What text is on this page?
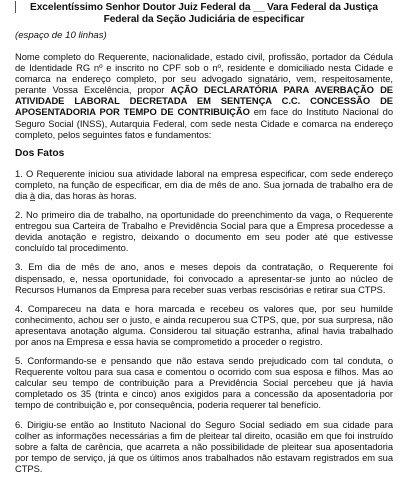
Excelentíssimo Senhor Doutor Juiz Federal da __ Vara Federal da Justiça Federal da Seção Judiciária de especificar
(espaço de 10 linhas)

Nome completo do Requerente, nacionalidade, estado civil, profissão, portador da Cédula de Identidade RG nº e inscrito no CPF sob o nº, residente e domiciliado nesta Cidade e comarca na endereço completo, por seu advogado signatário, vem, respeitosamente, perante Vossa Excelência, propor AÇÃO DECLARATÓRIA PARA AVERBAÇÃO DE ATIVIDADE LABORAL DECRETADA EM SENTENÇA C.C. CONCESSÃO DE APOSENTADORIA POR TEMPO DE CONTRIBUIÇÃO em face do Instituto Nacional do Seguro Social (INSS), Autarquia Federal, com sede nesta Cidade e comarca na endereço completo, pelos seguintes fatos e fundamentos:

Dos Fatos

1. O Requerente iniciou sua atividade laboral na empresa especificar, com sede endereço completo, na função de especificar, em dia de mês de ano. Sua jornada de trabalho era de dia à dia, das horas às horas.

2. No primeiro dia de trabalho, na oportunidade do preenchimento da vaga, o Requerente entregou sua Carteira de Trabalho e Previdência Social para que a Empresa procedesse a devida anotação e registro, deixando o documento em seu poder até que estivesse concluído tal procedimento.

3. Em dia de mês de ano, anos e meses depois da contratação, o Requerente foi dispensado, e, nessa oportunidade, foi convocado a apresentar-se junto ao núcleo de Recursos Humanos da Empresa para receber suas verbas rescisórias e retirar sua CTPS.

4. Compareceu na data e hora marcada e recebeu os valores que, por seu humilde conhecimento, achou ser o justo, e ainda recuperou sua CTPS, que, por sua surpresa, não apresentava anotação alguma. Considerou tal situação estranha, afinal havia trabalhado por anos na Empresa e essa havia se comprometido a proceder o registro.

5. Conformando-se e pensando que não estava sendo prejudicado com tal conduta, o Requerente voltou para sua casa e comentou o ocorrido com sua esposa e filhos. Mas ao calcular seu tempo de contribuição para a Previdência Social percebeu que já havia completado os 35 (trinta e cinco) anos exigidos para a concessão da aposentadoria por tempo de contribuição e, por consequência, poderia requerer tal benefício.

6. Dirigiu-se então ao Instituto Nacional do Seguro Social sediado em sua cidade para colher as informações necessárias a fim de pleitear tal direito, ocasião em que foi instruído sobre a falta de carência, que acarreta a não possibilidade de pleitear sua aposentadoria por tempo de serviço, já que os últimos anos trabalhados não estavam registrados em sua CTPS.
